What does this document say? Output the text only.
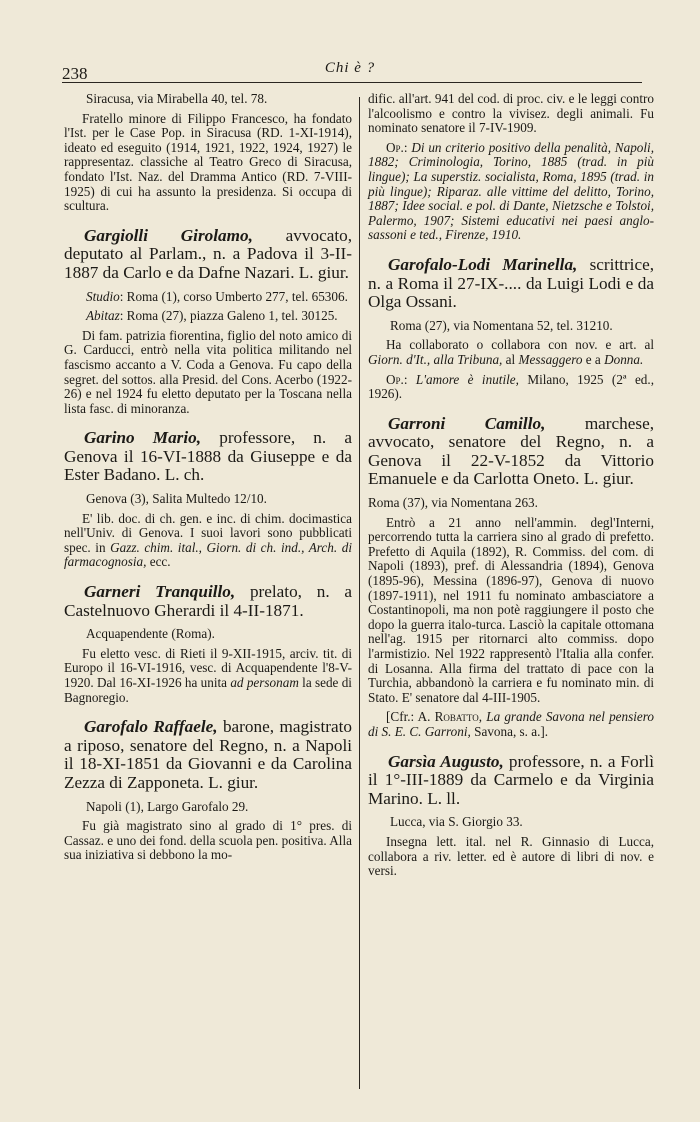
238	Chi è ?

Siracusa, via Mirabella 40, tel. 78.

Fratello minore di Filippo Francesco, ha fondato l'Ist. per le Case Pop. in Siracusa (RD. 1-XI-1914), ideato ed eseguito (1914, 1921, 1922, 1924, 1927) le rappresentaz. classiche al Teatro Greco di Siracusa, fondato l'Ist. Naz. del Dramma Antico (RD. 7-VIII-1925) di cui ha assunto la presidenza. Si occupa di scultura.

Gargiolli Girolamo, avvocato, deputato al Parlam., n. a Padova il 3-II-1887 da Carlo e da Dafne Nazari. L. giur.

Studio: Roma (1), corso Umberto 277, tel. 65306.

Abitaz: Roma (27), piazza Galeno 1, tel. 30125.

Di fam. patrizia fiorentina, figlio del noto amico di G. Carducci, entrò nella vita politica militando nel fascismo accanto a V. Coda a Genova. Fu capo della segret. del sottos. alla Presid. del Cons. Acerbo (1922-26) e nel 1924 fu eletto deputato per la Toscana nella lista fasc. di minoranza.

Garino Mario, professore, n. a Genova il 16-VI-1888 da Giuseppe e da Ester Badano. L. ch.

Genova (3), Salita Multedo 12/10.

E' lib. doc. di ch. gen. e inc. di chim. docimastica nell'Univ. di Genova. I suoi lavori sono pubblicati spec. in Gazz. chim. ital., Giorn. di ch. ind., Arch. di farmacognosia, ecc.

Garneri Tranquillo, prelato, n. a Castelnuovo Gherardi il 4-II-1871.

Acquapendente (Roma).

Fu eletto vesc. di Rieti il 9-XII-1915, arciv. tit. di Europo il 16-VI-1916, vesc. di Acquapendente l'8-V-1920. Dal 16-XI-1926 ha unita ad personam la sede di Bagnoregio.

Garofalo Raffaele, barone, magistrato a riposo, senatore del Regno, n. a Napoli il 18-XI-1851 da Giovanni e da Carolina Zezza di Zapponeta. L. giur.

Napoli (1), Largo Garofalo 29.

Fu già magistrato sino al grado di 1° pres. di Cassaz. e uno dei fond. della scuola pen. positiva. Alla sua iniziativa si debbono la mo-

dific. all'art. 941 del cod. di proc. civ. e le leggi contro l'alcoolismo e contro la vivisez. degli animali. Fu nominato senatore il 7-IV-1909.

Op.: Di un criterio positivo della penalità, Napoli, 1882; Criminologia, Torino, 1885 (trad. in più lingue); La superstiz. socialista, Roma, 1895 (trad. in più lingue); Riparaz. alle vittime del delitto, Torino, 1887; Idee social. e pol. di Dante, Nietzsche e Tolstoi, Palermo, 1907; Sistemi educativi nei paesi anglo-sassoni e ted., Firenze, 1910.

Garofalo-Lodi Marinella, scrittrice, n. a Roma il 27-IX-.... da Luigi Lodi e da Olga Ossani.

Roma (27), via Nomentana 52, tel. 31210.

Ha collaborato o collabora con nov. e art. al Giorn. d'It., alla Tribuna, al Messaggero e a Donna.

Op.: L'amore è inutile, Milano, 1925 (2ª ed., 1926).

Garroni Camillo, marchese, avvocato, senatore del Regno, n. a Genova il 22-V-1852 da Vittorio Emanuele e da Carlotta Oneto. L. giur.

Roma (37), via Nomentana 263.

Entrò a 21 anno nell'ammin. degl'Interni, percorrendo tutta la carriera sino al grado di prefetto. Prefetto di Aquila (1892), R. Commiss. del com. di Napoli (1893), pref. di Alessandria (1894), Genova (1895-96), Messina (1896-97), Genova di nuovo (1897-1911), nel 1911 fu nominato ambasciatore a Costantinopoli, ma non potè raggiungere il posto che dopo la guerra italo-turca. Lasciò la capitale ottomana nell'ag. 1915 per ritornarci alto commiss. dopo l'armistizio. Nel 1922 rappresentò l'Italia alla confer. di Losanna. Alla firma del trattato di pace con la Turchia, abbandonò la carriera e fu nominato min. di Stato. E' senatore dal 4-III-1905.

[Cfr.: A. Robatto, La grande Savona nel pensiero di S. E. C. Garroni, Savona, s. a.].

Garsìa Augusto, professore, n. a Forlì il 1°-III-1889 da Carmelo e da Virginia Marino. L. ll.

Lucca, via S. Giorgio 33.

Insegna lett. ital. nel R. Ginnasio di Lucca, collabora a riv. letter. ed è autore di libri di nov. e versi.
